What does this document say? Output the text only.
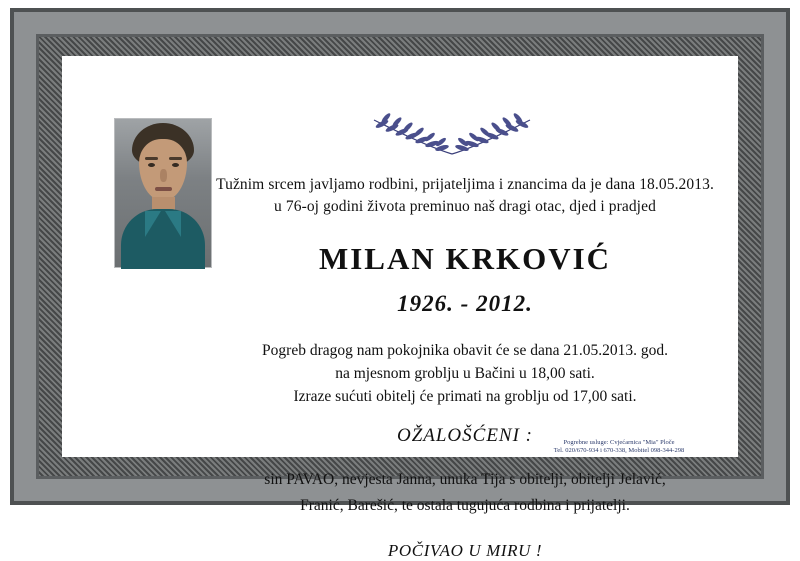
Tužnim srcem javljamo rodbini, prijateljima i znancima da je dana 18.05.2013.
u 76-oj godini života preminuo naš dragi otac, djed i pradjed
MILAN KRKOVIĆ
1926. - 2012.
Pogreb dragog nam pokojnika obavit će se dana 21.05.2013. god.
na mjesnom groblju u Bačini u 18,00 sati.
Izraze sućuti obitelj će primati na groblju od 17,00 sati.
OŽALOŠĆENI :
sin PAVAO, nevjesta Janna, unuka Tija s obitelji, obitelji Jelavić,
Franić, Barešić, te ostala tugujuća rodbina i prijatelji.
POČIVAO U MIRU !
Pogrebne usluge: Cvjećarnica "Mia" Ploče
Tel. 020/670-934 i 670-338, Mobitel 098-344-298
